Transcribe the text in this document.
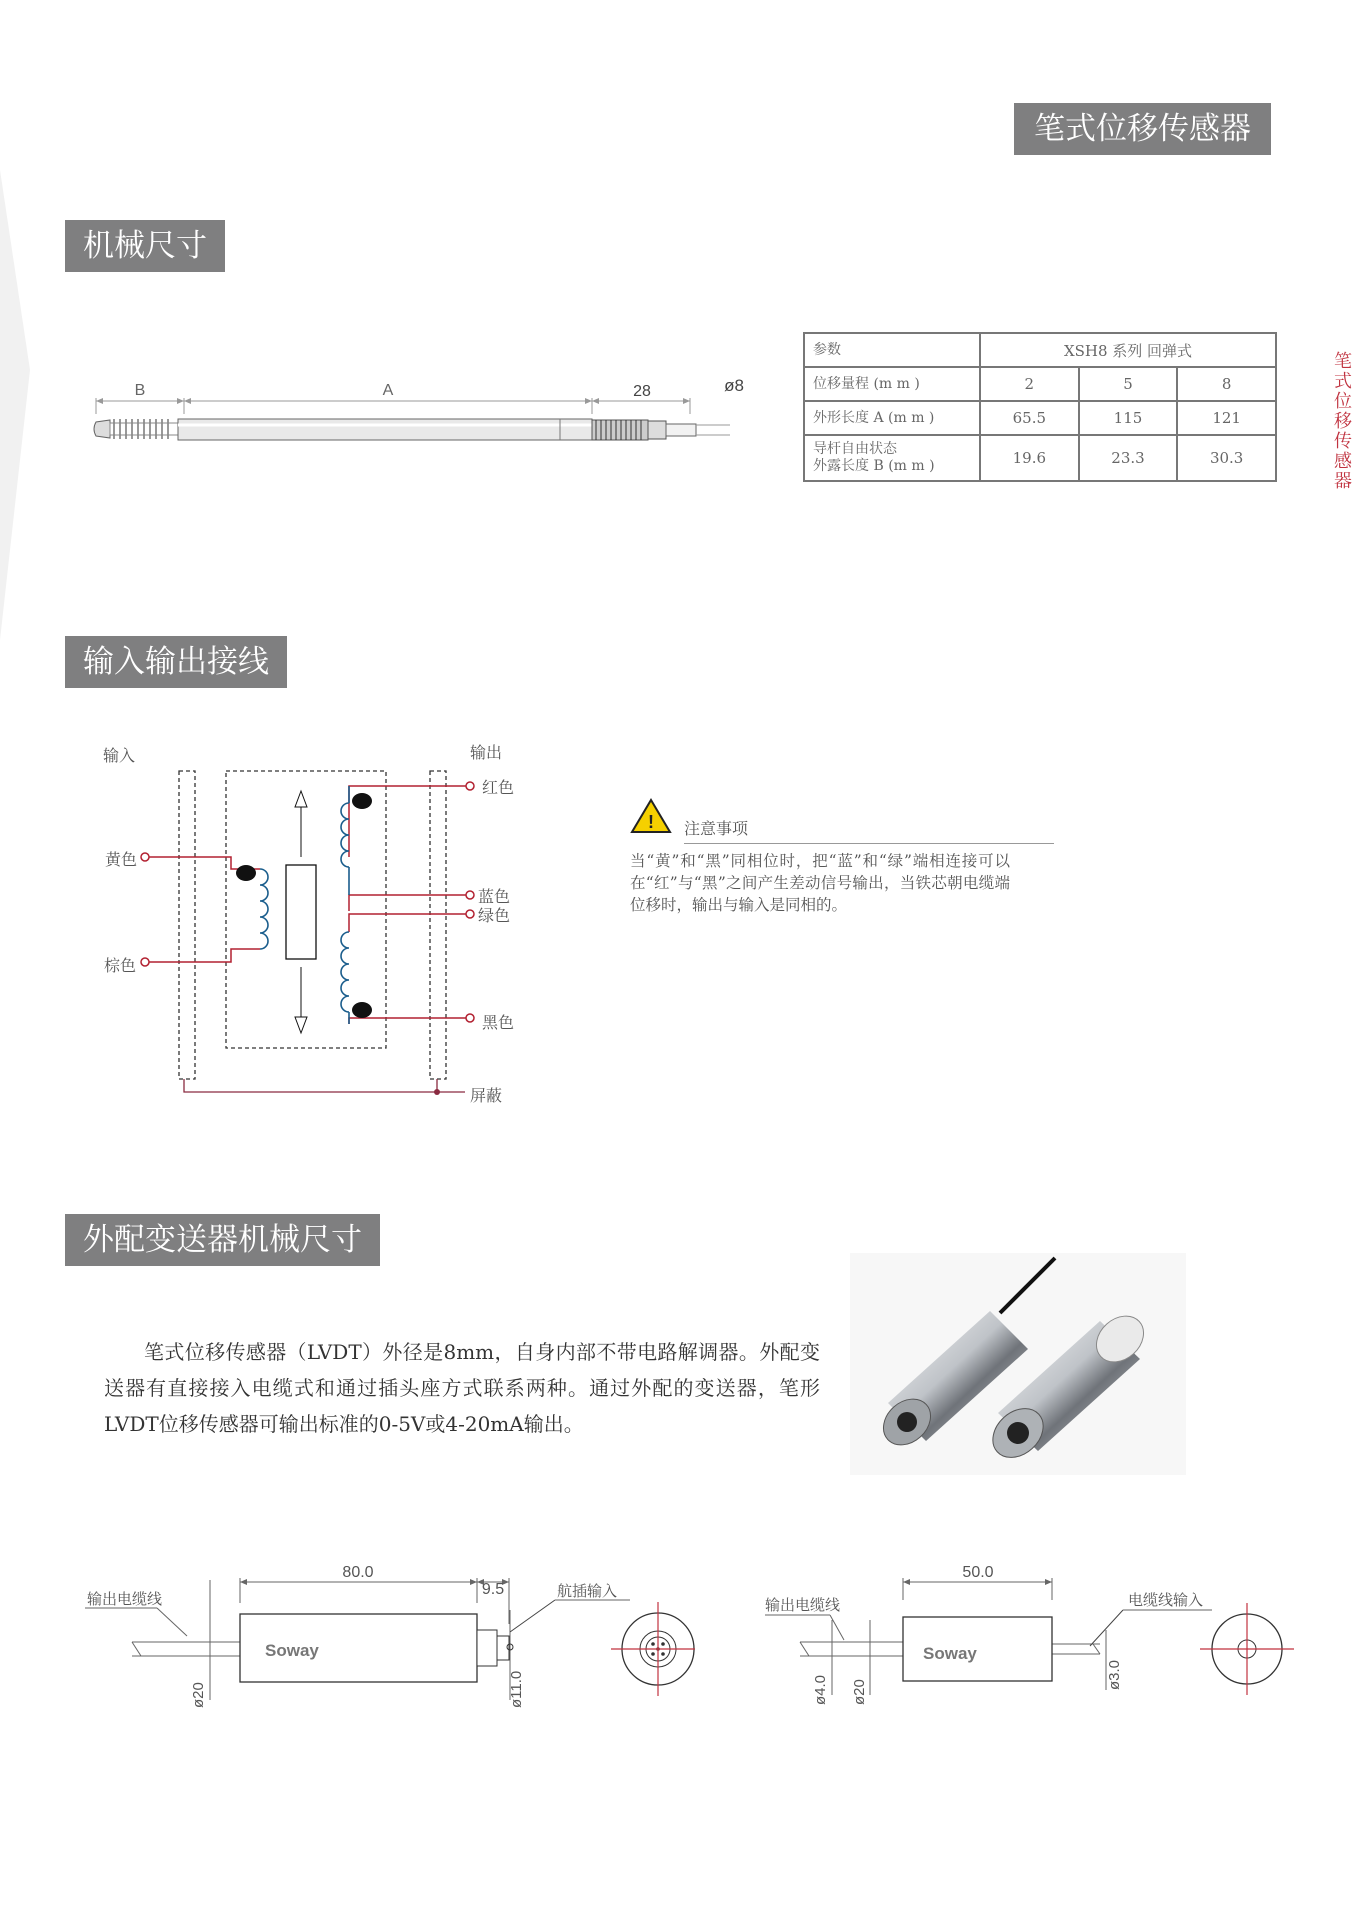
笔式位移传感器
笔式位移传感器
机械尺寸
B	A	28	ø8
参数	XSH8 系列 回弹式		
位移量程 (m m )	2	5	8
外形长度 A (m m )	65.5	115	121

导杆自由状态
外露长度 B (m m )	19.6	23.3	30.3
输入输出接线
输入	输出
黄色
棕色
红色
蓝色
绿色
黑色
屏蔽
! 注意事项
当“黄”和“黑”同相位时，把“蓝”和“绿”端相连接可以在“红”与“黑”之间产生差动信号输出，当铁芯朝电缆端位移时，输出与输入是同相的。
外配变送器机械尺寸
笔式位移传感器（LVDT）外径是8mm，自身内部不带电路解调器。外配变送器有直接接入电缆式和通过插头座方式联系两种。通过外配的变送器，笔形LVDT位移传感器可输出标准的0-5V或4-20mA输出。
输出电缆线
80.0
9.5	航插输入
Soway
ø20	ø11.0
输出电缆线
50.0
电缆线输入
Soway
ø4.0 ø20
ø3.0
